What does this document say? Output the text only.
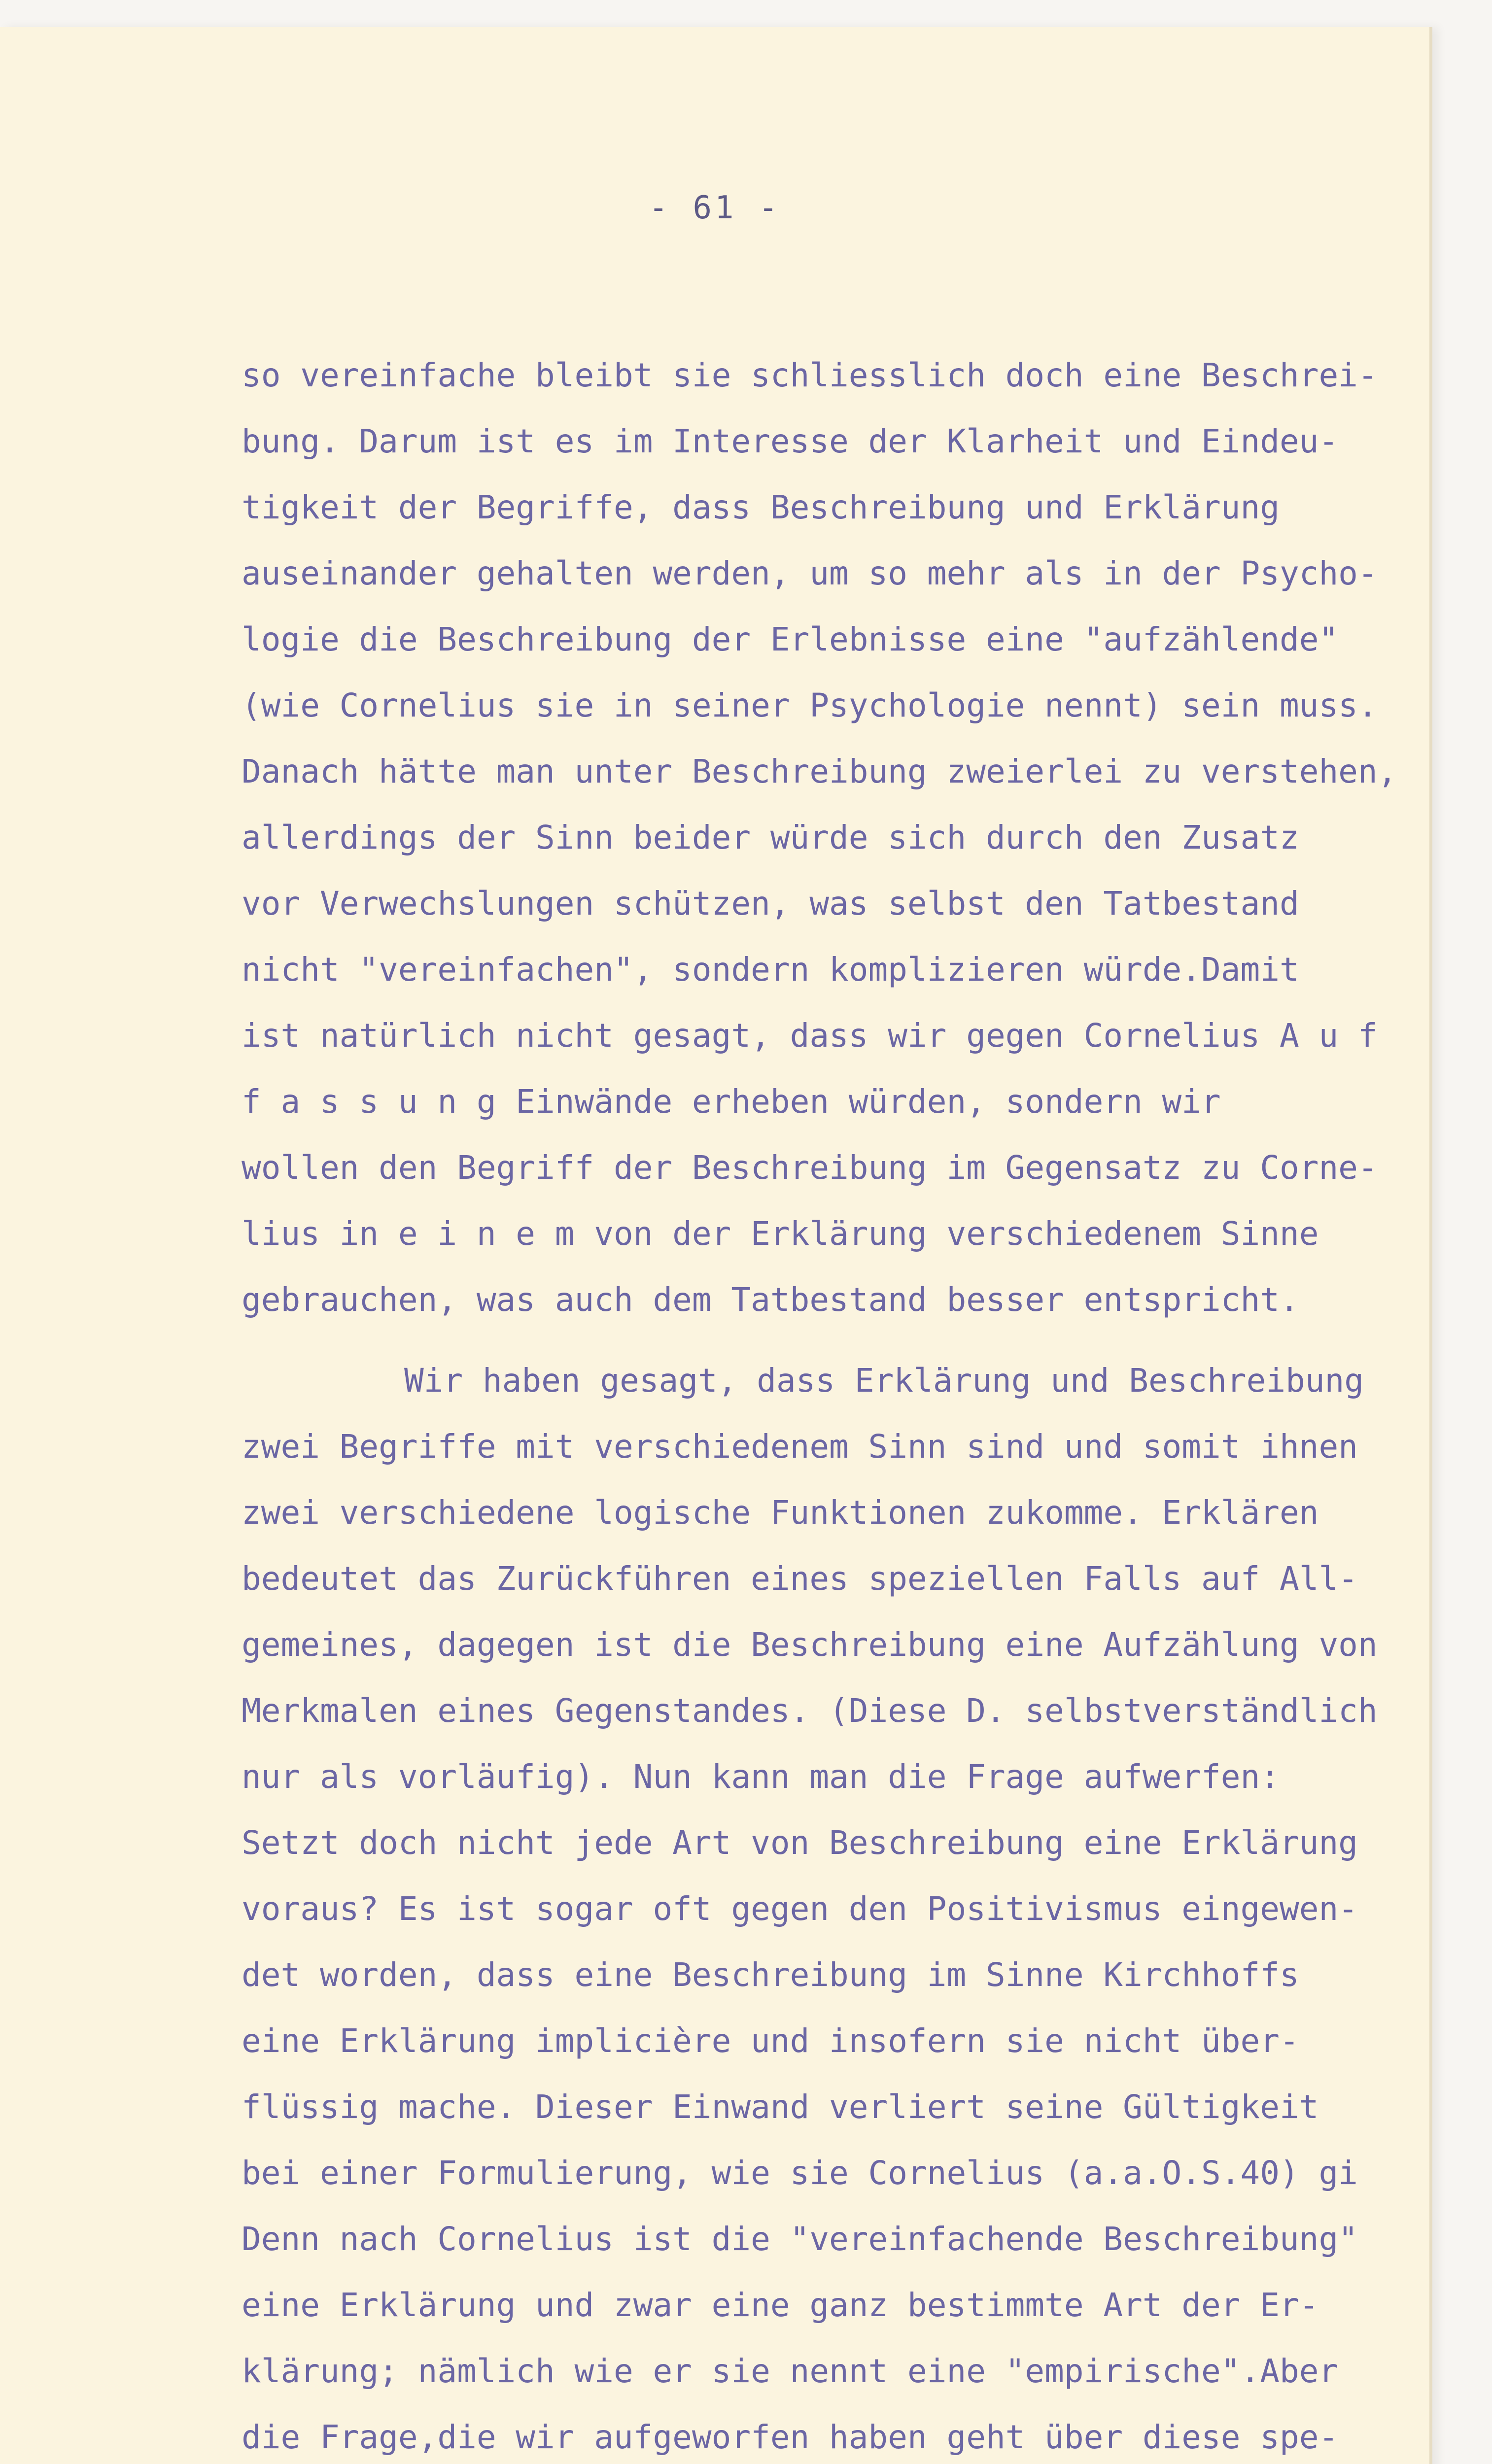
- 61 -
so vereinfache bleibt sie schliesslich doch eine Beschrei-
bung. Darum ist es im Interesse der Klarheit und Eindeu-
tigkeit der Begriffe, dass Beschreibung und Erklärung
auseinander gehalten werden, um so mehr als in der Psycho-
logie die Beschreibung der Erlebnisse eine "aufzählende"
(wie Cornelius sie in seiner Psychologie nennt) sein muss.
Danach hätte man unter Beschreibung zweierlei zu verstehen,
allerdings der Sinn beider würde sich durch den Zusatz
vor Verwechslungen schützen, was selbst den Tatbestand
nicht "vereinfachen", sondern komplizieren würde.Damit
ist natürlich nicht gesagt, dass wir gegen Cornelius A u f
f a s s u n g Einwände erheben würden, sondern wir
wollen den Begriff der Beschreibung im Gegensatz zu Corne-
lius in e i n e m von der Erklärung verschiedenem Sinne
gebrauchen, was auch dem Tatbestand besser entspricht.
Wir haben gesagt, dass Erklärung und Beschreibung
zwei Begriffe mit verschiedenem Sinn sind und somit ihnen
zwei verschiedene logische Funktionen zukomme. Erklären
bedeutet das Zurückführen eines speziellen Falls auf All-
gemeines, dagegen ist die Beschreibung eine Aufzählung von
Merkmalen eines Gegenstandes. (Diese D. selbstverständlich
nur als vorläufig). Nun kann man die Frage aufwerfen:
Setzt doch nicht jede Art von Beschreibung eine Erklärung
voraus? Es ist sogar oft gegen den Positivismus eingewen-
det worden, dass eine Beschreibung im Sinne Kirchhoffs
eine Erklärung implicière und insofern sie nicht über-
flüssig mache. Dieser Einwand verliert seine Gültigkeit
bei einer Formulierung, wie sie Cornelius (a.a.O.S.40) gi
Denn nach Cornelius ist die "vereinfachende Beschreibung"
eine Erklärung und zwar eine ganz bestimmte Art der Er-
klärung; nämlich wie er sie nennt eine "empirische".Aber
die Frage,die wir aufgeworfen haben geht über diese spe-
